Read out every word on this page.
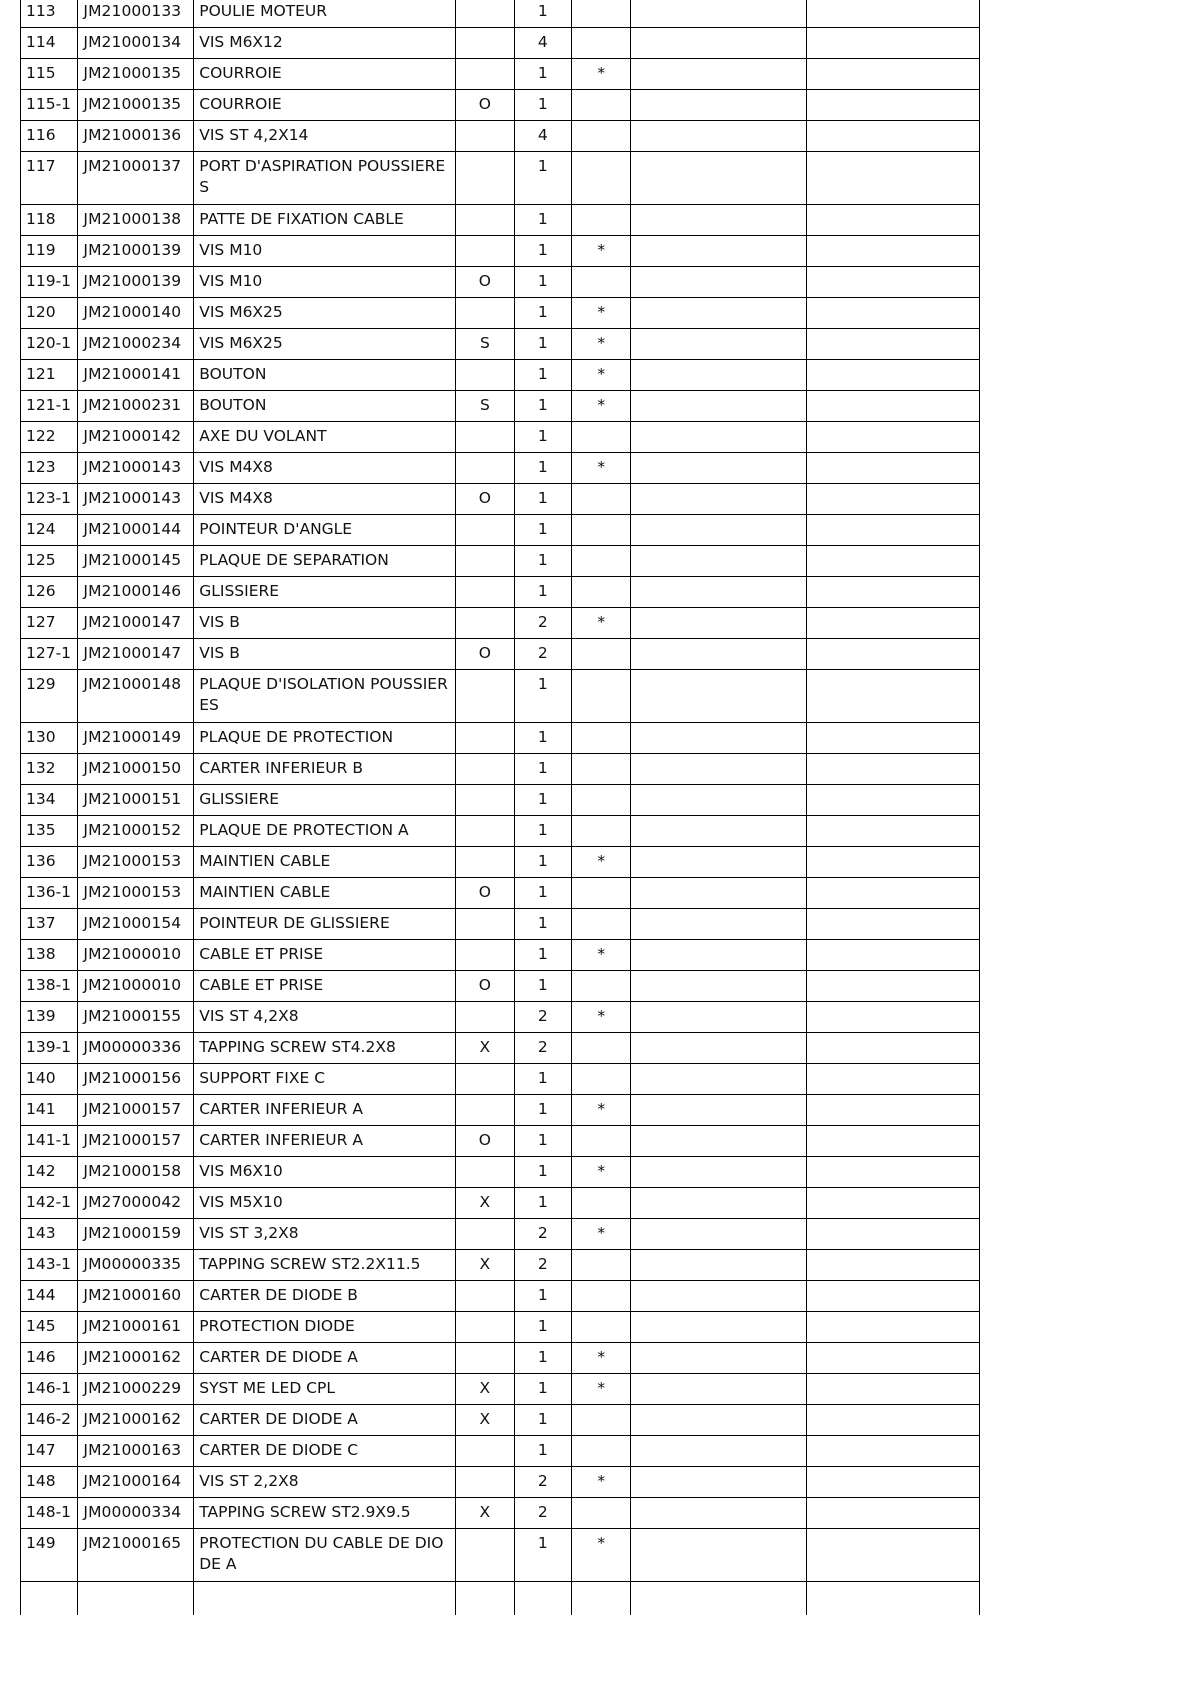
113	JM21000133	POULIE MOTEUR		1			
114	JM21000134	VIS M6X12		4			
115	JM21000135	COURROIE		1	*		
115-1	JM21000135	COURROIE	O	1			
116	JM21000136	VIS ST 4,2X14		4			
117	JM21000137	PORT D'ASPIRATION POUSSIERE S		1			
118	JM21000138	PATTE DE FIXATION CABLE		1			
119	JM21000139	VIS M10		1	*		
119-1	JM21000139	VIS M10	O	1			
120	JM21000140	VIS M6X25		1	*		
120-1	JM21000234	VIS M6X25	S	1	*		
121	JM21000141	BOUTON		1	*		
121-1	JM21000231	BOUTON	S	1	*		
122	JM21000142	AXE DU VOLANT		1			
123	JM21000143	VIS M4X8		1	*		
123-1	JM21000143	VIS M4X8	O	1			
124	JM21000144	POINTEUR D'ANGLE		1			
125	JM21000145	PLAQUE DE SEPARATION		1			
126	JM21000146	GLISSIERE		1			
127	JM21000147	VIS B		2	*		
127-1	JM21000147	VIS B	O	2			
129	JM21000148	PLAQUE D'ISOLATION POUSSIER ES		1			
130	JM21000149	PLAQUE DE PROTECTION		1			
132	JM21000150	CARTER INFERIEUR B		1			
134	JM21000151	GLISSIERE		1			
135	JM21000152	PLAQUE DE PROTECTION A		1			
136	JM21000153	MAINTIEN CABLE		1	*		
136-1	JM21000153	MAINTIEN CABLE	O	1			
137	JM21000154	POINTEUR DE GLISSIERE		1			
138	JM21000010	CABLE ET PRISE		1	*		
138-1	JM21000010	CABLE ET PRISE	O	1			
139	JM21000155	VIS ST 4,2X8		2	*		
139-1	JM00000336	TAPPING SCREW ST4.2X8	X	2			
140	JM21000156	SUPPORT FIXE C		1			
141	JM21000157	CARTER INFERIEUR A		1	*		
141-1	JM21000157	CARTER INFERIEUR A	O	1			
142	JM21000158	VIS M6X10		1	*		
142-1	JM27000042	VIS M5X10	X	1			
143	JM21000159	VIS ST 3,2X8		2	*		
143-1	JM00000335	TAPPING SCREW ST2.2X11.5	X	2			
144	JM21000160	CARTER DE DIODE B		1			
145	JM21000161	PROTECTION DIODE		1			
146	JM21000162	CARTER DE DIODE A		1	*		
146-1	JM21000229	SYST ME LED CPL	X	1	*		
146-2	JM21000162	CARTER DE DIODE A	X	1			
147	JM21000163	CARTER DE DIODE C		1			
148	JM21000164	VIS ST 2,2X8		2	*		
148-1	JM00000334	TAPPING SCREW ST2.9X9.5	X	2			
149	JM21000165	PROTECTION DU CABLE DE DIO DE A		1	*		
